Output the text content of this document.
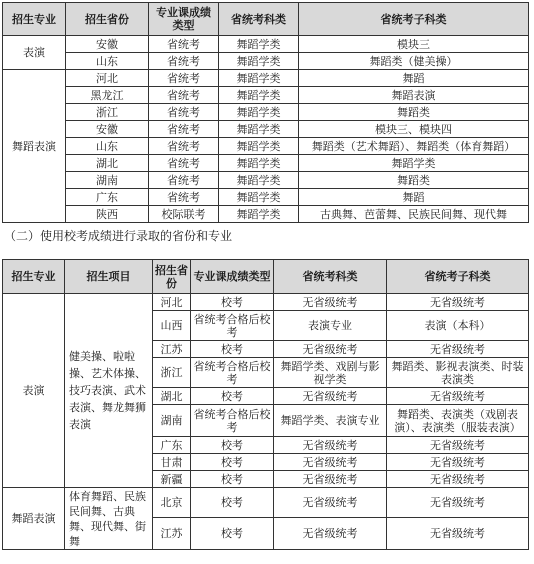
招生专业	招生省份	专业课成绩类型	省统考科类	省统考子科类
表演	安徽	省统考	舞蹈学类	模块三
	山东	省统考	舞蹈学类	舞蹈类（健美操）
舞蹈表演	河北	省统考	舞蹈学类	舞蹈
	黑龙江	省统考	舞蹈学类	舞蹈表演
	浙江	省统考	舞蹈学类	舞蹈类
	安徽	省统考	舞蹈学类	模块三、模块四
	山东	省统考	舞蹈学类	舞蹈类（艺术舞蹈）、舞蹈类（体育舞蹈）
	湖北	省统考	舞蹈学类	舞蹈学类
	湖南	省统考	舞蹈学类	舞蹈类
	广东	省统考	舞蹈学类	舞蹈
	陕西	校际联考	舞蹈学类	古典舞、芭蕾舞、民族民间舞、现代舞
（二）使用校考成绩进行录取的省份和专业
招生专业	招生项目	招生省份	专业课成绩类型	省统考科类	省统考子科类
表演	健美操、啦啦操、艺术体操、技巧表演、武术表演、舞龙舞狮表演	河北	校考	无省级统考	无省级统考
		山西	省统考合格后校考	表演专业	表演（本科）
		江苏	校考	无省级统考	无省级统考
		浙江	省统考合格后校考	舞蹈学类、戏剧与影视学类	舞蹈类、影视表演类、时装表演类
		湖北	校考	无省级统考	无省级统考
		湖南	省统考合格后校考	舞蹈学类、表演专业	舞蹈类、表演类（戏剧表演）、表演类（服装表演）
		广东	校考	无省级统考	无省级统考
		甘肃	校考	无省级统考	无省级统考
		新疆	校考	无省级统考	无省级统考
舞蹈表演	体育舞蹈、民族民间舞、古典舞、现代舞、街舞	北京	校考	无省级统考	无省级统考
		江苏	校考	无省级统考	无省级统考
